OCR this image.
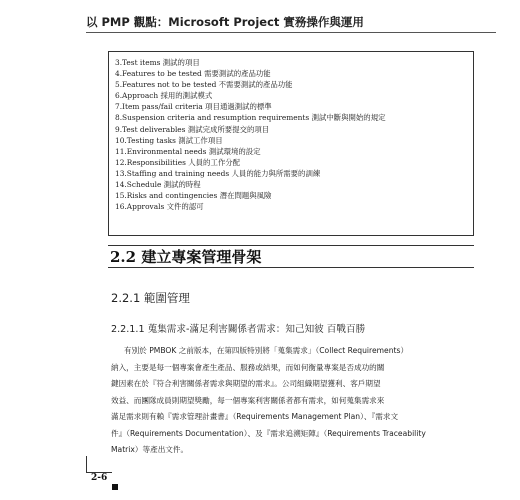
以 PMP 觀點：Microsoft Project 實務操作與運用
3.Test items 測試的項目
4.Features to be tested 需要測試的產品功能
5.Features not to be tested 不需要測試的產品功能
6.Approach 採用的測試模式
7.Item pass/fail criteria 項目通過測試的標準
8.Suspension criteria and resumption requirements 測試中斷與開始的規定
9.Test deliverables 測試完成所要提交的項目
10.Testing tasks 測試工作項目
11.Environmental needs 測試環境的設定
12.Responsibilities 人員的工作分配
13.Staffing and training needs 人員的能力與所需要的訓練
14.Schedule 測試的時程
15.Risks and contingencies 潛在問題與風險
16.Approvals 文件的認可
2.2 建立專案管理骨架
2.2.1 範圍管理
2.2.1.1 蒐集需求-滿足利害關係者需求：知己知彼 百戰百勝
有別於 PMBOK 之前版本，在第四版特別將「蒐集需求」（Collect Requirements）
納入，主要是每一個專案會產生產品、服務或結果，而如何衡量專案是否成功的關
鍵因素在於『符合利害關係者需求與期望的需求』。公司組織期望獲利、客戶期望
效益、而團隊成員則期望獎勵，每一個專案利害關係者都有需求，如何蒐集需求來
滿足需求則有賴『需求管理計畫書』（Requirements Management Plan）、『需求文
件』（Requirements Documentation）、及『需求追溯矩陣』（Requirements Traceability
Matrix）等產出文件。
2-6
